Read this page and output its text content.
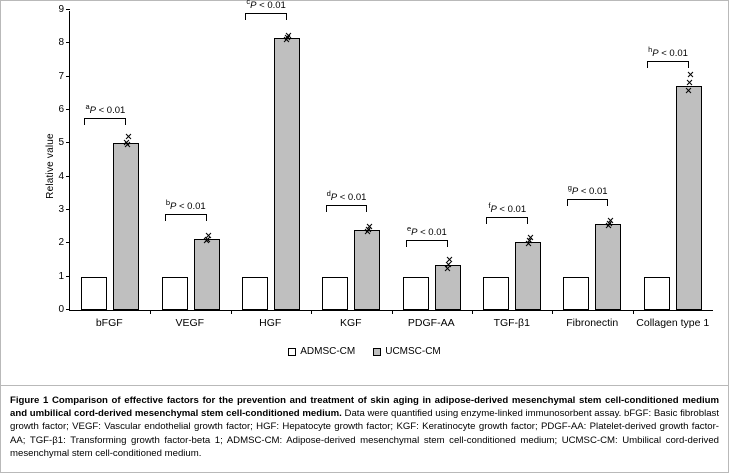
Relative value
0
1
2
3
4
5
6
7
8
9
$^a$P < 0.01
$^b$P < 0.01
$^c$P < 0.01
$^d$P < 0.01
$^e$P < 0.01
$^f$P < 0.01
$^g$P < 0.01
$^h$P < 0.01
bFGF	VEGF	HGF	KGF	PDGF-AA	TGF-β1	Fibronectin	Collagen type 1
ADMSC-CM	UCMSC-CM
Figure 1 Comparison of effective factors for the prevention and treatment of skin aging in adipose-derived mesenchymal stem cell-conditioned medium and umbilical cord-derived mesenchymal stem cell-conditioned medium. Data were quantified using enzyme-linked immunosorbent assay. bFGF: Basic fibroblast growth factor; VEGF: Vascular endothelial growth factor; HGF: Hepatocyte growth factor; KGF: Keratinocyte growth factor; PDGF-AA: Platelet-derived growth factor-AA; TGF-β1: Transforming growth factor-beta 1; ADMSC-CM: Adipose-derived mesenchymal stem cell-conditioned medium; UCMSC-CM: Umbilical cord-derived mesenchymal stem cell-conditioned medium.
